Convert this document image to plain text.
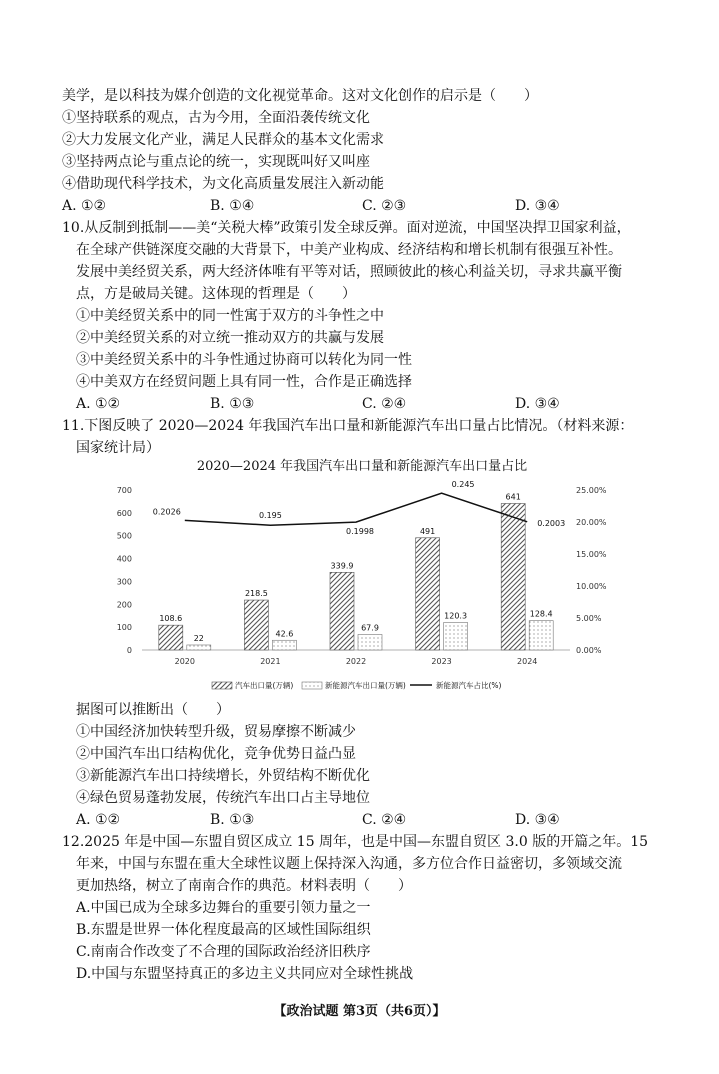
美学，是以科技为媒介创造的文化视觉革命。这对文化创作的启示是（　　）
①坚持联系的观点，古为今用，全面沿袭传统文化
②大力发展文化产业，满足人民群众的基本文化需求
③坚持两点论与重点论的统一，实现既叫好又叫座
④借助现代科学技术，为文化高质量发展注入新动能
A. ①②	B. ①④	C. ②③	D. ③④
10.从反制到抵制——美“关税大棒”政策引发全球反弹。面对逆流，中国坚决捍卫国家利益，
在全球产供链深度交融的大背景下，中美产业构成、经济结构和增长机制有很强互补性。
发展中美经贸关系，两大经济体唯有平等对话，照顾彼此的核心利益关切，寻求共赢平衡
点，方是破局关键。这体现的哲理是（　　）
①中美经贸关系中的同一性寓于双方的斗争性之中
②中美经贸关系的对立统一推动双方的共赢与发展
③中美经贸关系中的斗争性通过协商可以转化为同一性
④中美双方在经贸问题上具有同一性，合作是正确选择
A. ①②	B. ①③	C. ②④	D. ③④
11.下图反映了 2020—2024 年我国汽车出口量和新能源汽车出口量占比情况。（材料来源：
国家统计局）
2020—2024 年我国汽车出口量和新能源汽车出口量占比
0
100
200
300
400
500
600
700
0.00%
5.00%
10.00%
15.00%
20.00%
25.00%
2020	2021	2022	2023	2024
108.6
218.5
339.9
491
641
22
42.6
67.9
120.3	128.4
0.2026	0.195
0.1998
0.245
0.2003
汽车出口量(万辆)	新能源汽车出口量(万辆)	新能源汽车占比(%)
据图可以推断出（　　）
①中国经济加快转型升级，贸易摩擦不断减少
②中国汽车出口结构优化，竞争优势日益凸显
③新能源汽车出口持续增长，外贸结构不断优化
④绿色贸易蓬勃发展，传统汽车出口占主导地位
A. ①②	B. ①③	C. ②④	D. ③④
12.2025 年是中国—东盟自贸区成立 15 周年，也是中国—东盟自贸区 3.0 版的开篇之年。15
年来，中国与东盟在重大全球性议题上保持深入沟通，多方位合作日益密切，多领域交流
更加热络，树立了南南合作的典范。材料表明（　　）
A.中国已成为全球多边舞台的重要引领力量之一
B.东盟是世界一体化程度最高的区域性国际组织
C.南南合作改变了不合理的国际政治经济旧秩序
D.中国与东盟坚持真正的多边主义共同应对全球性挑战
【政治试题 第3页（共6页）】
